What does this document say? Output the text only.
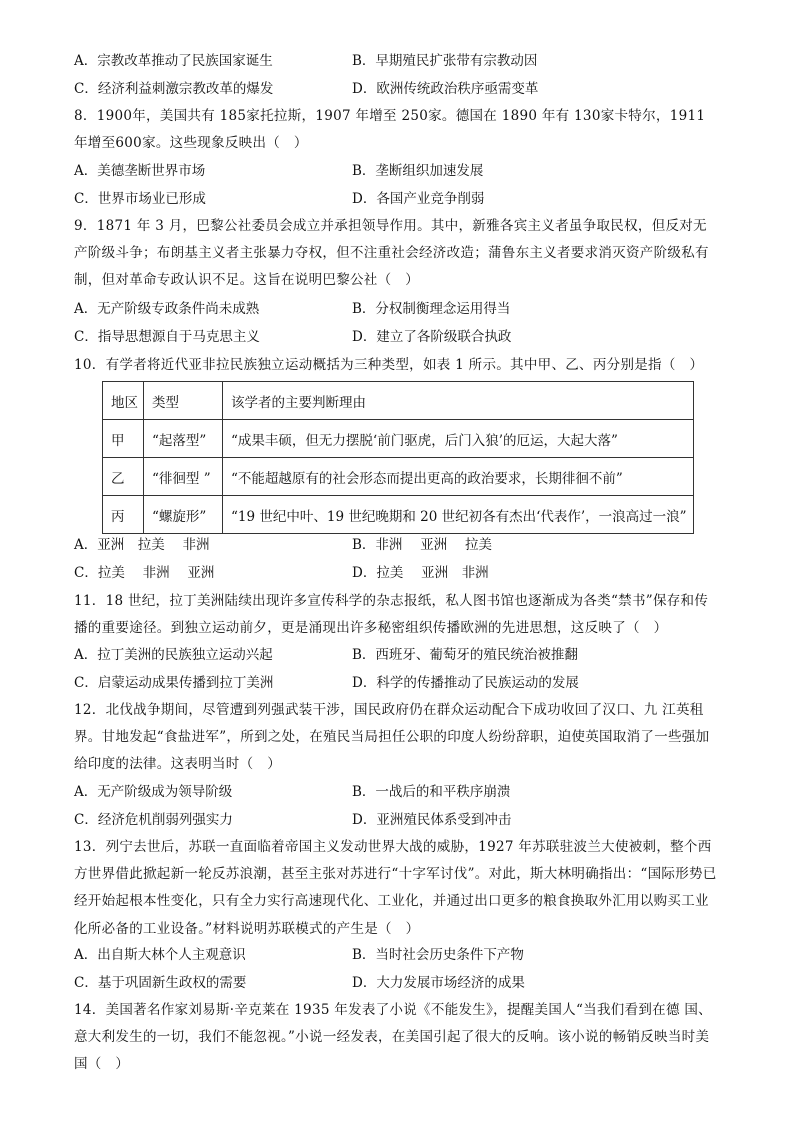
A．宗教改革推动了民族国家诞生	B．早期殖民扩张带有宗教动因
C．经济利益刺激宗教改革的爆发	D．欧洲传统政治秩序亟需变革

8．1900年，美国共有 185家托拉斯，1907 年增至 250家。德国在 1890 年有 130家卡特尔，1911 年增至600家。这些现象反映出（　）

A．美德垄断世界市场	B．垄断组织加速发展
C．世界市场业已形成	D．各国产业竞争削弱

9．1871 年 3 月，巴黎公社委员会成立并承担领导作用。其中，新雅各宾主义者虽争取民权，但反对无产阶级斗争；布朗基主义者主张暴力夺权，但不注重社会经济改造；蒲鲁东主义者要求消灭资产阶级私有制，但对革命专政认识不足。这旨在说明巴黎公社（　）

A．无产阶级专政条件尚未成熟	B．分权制衡理念运用得当
C．指导思想源自于马克思主义	D．建立了各阶级联合执政

10．有学者将近代亚非拉民族独立运动概括为三种类型，如表 1 所示。其中甲、乙、丙分别是指（　）

地区	类型	该学者的主要判断理由
甲	“起落型”	“成果丰硕，但无力摆脱‘前门驱虎，后门入狼’的厄运，大起大落”
乙	“徘徊型 ”	“不能超越原有的社会形态而提出更高的政治要求，长期徘徊不前”
丙	“螺旋形”	“19 世纪中叶、19 世纪晚期和 20 世纪初各有杰出‘代表作’，一浪高过一浪”
A．亚洲　拉美　 非洲	B．非洲　 亚洲　 拉美
C．拉美　 非洲　 亚洲	D．拉美　 亚洲　非洲

11．18 世纪，拉丁美洲陆续出现许多宣传科学的杂志报纸，私人图书馆也逐渐成为各类“禁书”保存和传播的重要途径。到独立运动前夕，更是涌现出许多秘密组织传播欧洲的先进思想，这反映了（　）

A．拉丁美洲的民族独立运动兴起	B．西班牙、葡萄牙的殖民统治被推翻
C．启蒙运动成果传播到拉丁美洲	D．科学的传播推动了民族运动的发展

12．北伐战争期间，尽管遭到列强武装干涉，国民政府仍在群众运动配合下成功收回了汉口、九 江英租界。甘地发起“食盐进军”，所到之处，在殖民当局担任公职的印度人纷纷辞职，迫使英国取消了一些强加给印度的法律。这表明当时（　）

A．无产阶级成为领导阶级	B．一战后的和平秩序崩溃
C．经济危机削弱列强实力	D．亚洲殖民体系受到冲击

13．列宁去世后，苏联一直面临着帝国主义发动世界大战的威胁，1927 年苏联驻波兰大使被刺，整个西方世界借此掀起新一轮反苏浪潮，甚至主张对苏进行“十字军讨伐”。对此，斯大林明确指出：“国际形势已经开始起根本性变化，只有全力实行高速现代化、工业化，并通过出口更多的粮食换取外汇用以购买工业化所必备的工业设备。”材料说明苏联模式的产生是（　）

A．出自斯大林个人主观意识	B．当时社会历史条件下产物
C．基于巩固新生政权的需要	D．大力发展市场经济的成果

14．美国著名作家刘易斯·辛克莱在 1935 年发表了小说《不能发生》，提醒美国人“当我们看到在德 国、意大利发生的一切，我们不能忽视。”小说一经发表，在美国引起了很大的反响。该小说的畅销反映当时美国（　）
